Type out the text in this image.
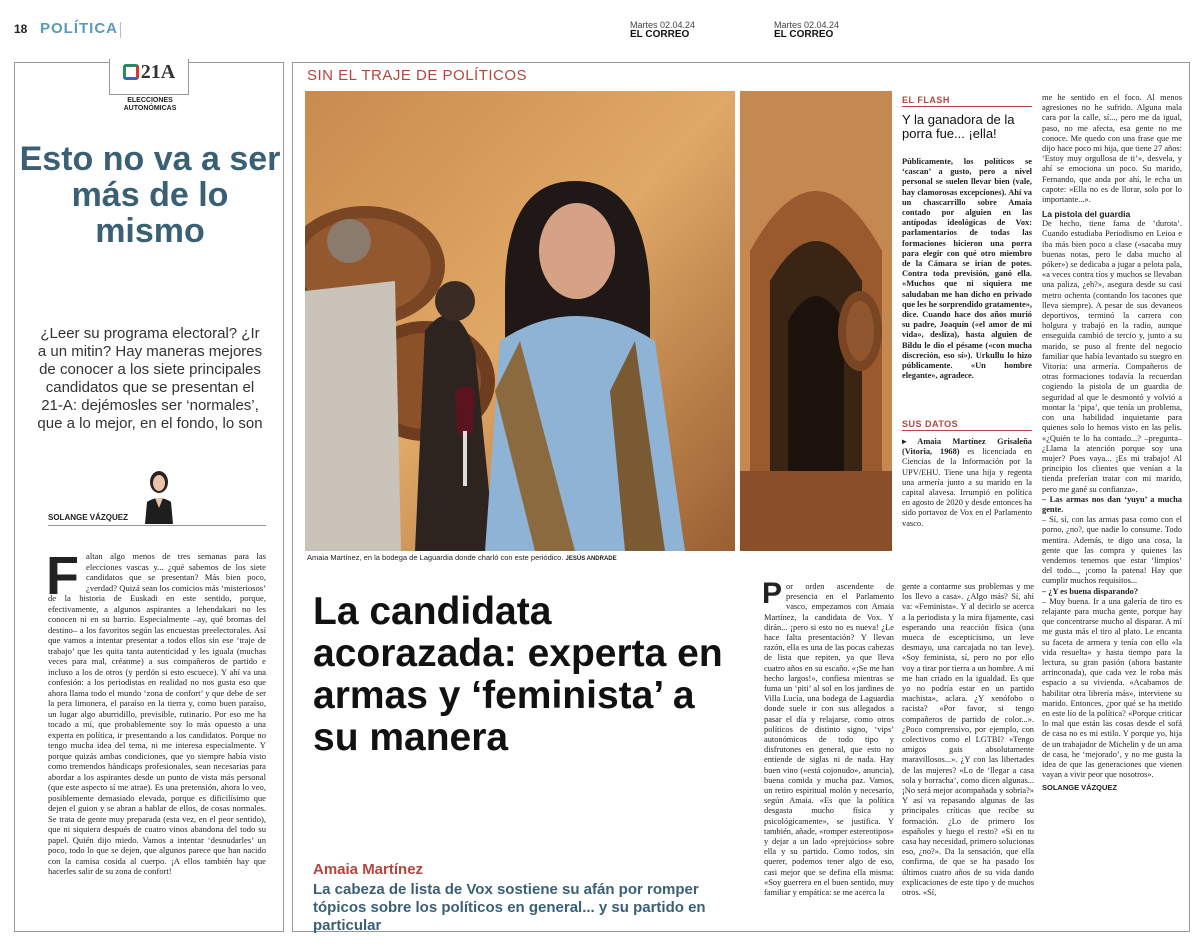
18 POLÍTICA	Martes 02.04.24
EL CORREO
Martes 02.04.24
EL CORREO
21A
ELECCIONES
AUTONÓMICAS
Esto no va a ser más de lo mismo
¿Leer su programa electoral? ¿Ir a un mitin? Hay maneras mejores de conocer a los siete principales candidatos que se presentan el 21-A: dejémosles ser ‘normales’, que a lo mejor, en el fondo, lo son
SOLANGE VÁZQUEZ
F altan algo menos de tres semanas para las elecciones vascas y... ¿qué sabemos de los siete candidatos que se presentan? Más bien poco, ¿verdad? Quizá sean los comicios más ‘misteriosos’ de la historia de Euskadi en este sentido, porque, efectivamente, a algunos aspirantes a lehendakari no les conocen ni en su barrio. Especialmente –ay, qué bromas del destino– a los favoritos según las encuestas preelectorales. Así que vamos a intentar presentar a todos ellos sin ese ‘traje de trabajo’ que les quita tanta autenticidad y les iguala (muchas veces para mal, créanme) a sus compañeros de partido e incluso a los de otros (y perdón si esto escuece). Y ahí va una confesión: a los periodistas en realidad no nos gusta eso que ahora llama todo el mundo ‘zona de confort’ y que debe de ser la pera limonera, el paraíso en la tierra y, como buen paraíso, un lugar algo aburridillo, previsible, rutinario. Por eso me ha tocado a mí, que probablemente soy lo más opuesto a una experta en política, ir presentando a los candidatos. Porque no tengo mucha idea del tema, ni me interesa especialmente. Y porque quizás ambas condiciones, que yo siempre había visto como tremendos hándicaps profesionales, sean necesarias para abordar a los aspirantes desde un punto de vista más personal (que este aspecto sí me atrae). Es una pretensión, ahora lo veo, posiblemente demasiado elevada, porque es dificilísimo que dejen el guion y se abran a hablar de ellos, de cosas normales. Se trata de gente muy preparada (esta vez, en el peor sentido), que ni siquiera después de cuatro vinos abandona del todo su papel. Quién dijo miedo. Vamos a intentar ‘desnudarles’ un poco, todo lo que se dejen, que algunos parece que han nacido con la camisa cosida al cuerpo. ¡A ellos también hay que hacerles salir de su zona de confort!
SIN EL TRAJE DE POLÍTICOS
Amaia Martínez, en la bodega de Laguardia donde charló con este periódico. JESÚS ANDRADE
La candidata acorazada: experta en armas y ‘feminista’ a su manera
Amaia Martínez
La cabeza de lista de Vox sostiene su afán por romper tópicos sobre los políticos en general... y su partido en particular
EL FLASH
Y la ganadora de la porra fue... ¡ella!
Públicamente, los políticos se ‘cascan’ a gusto, pero a nivel personal se suelen llevar bien (vale, hay clamorosas excepciones). Ahí va un chascarrillo sobre Amaia contado por alguien en las antípodas ideológicas de Vox: parlamentarios de todas las formaciones hicieron una porra para elegir con qué otro miembro de la Cámara se irían de potes. Contra toda previsión, ganó ella. «Muchos que ni siquiera me saludaban me han dicho en privado que les he sorprendido gratamente», dice. Cuando hace dos años murió su padre, Joaquín («el amor de mi vida», desliza), hasta alguien de Bildu le dio el pésame («con mucha discreción, eso sí»). Urkullu lo hizo públicamente. «Un hombre elegante», agradece.
SUS DATOS
▸ Amaia Martínez Grisaleña (Vitoria, 1968) es licenciada en Ciencias de la Información por la UPV/EHU. Tiene una hija y regenta una armería junto a su marido en la capital alavesa. Irrumpió en política en agosto de 2020 y desde entonces ha sido portavoz de Vox en el Parlamento vasco.

me he sentido en el foco. Al menos agresiones no he sufrido. Alguna mala cara por la calle, sí..., pero me da igual, paso, no me afecta, esa gente no me conoce. Me quedo con una frase que me dijo hace poco mi hija, que tiene 27 años: ‘Estoy muy orgullosa de ti’», desvela, y ahí se emociona un poco. Su marido, Fernando, que anda por ahí, le echa un capote: «Ella no es de llorar, solo por lo importante...».

La pistola del guardia

De hecho, tiene fama de ‘durota’. Cuando estudiaba Periodismo en Leioa e iba más bien poco a clase («sacaba muy buenas notas, pero le daba mucho al póker») se dedicaba a jugar a pelota pala, «a veces contra tíos y muchos se llevaban una paliza, ¿eh?», asegura desde su casi metro ochenta (contando los tacones que lleva siempre). A pesar de sus devaneos deportivos, terminó la carrera con holgura y trabajó en la radio, aunque enseguida cambió de tercio y, junto a su marido, se puso al frente del negocio familiar que había levantado su suegro en Vitoria: una armería. Compañeros de otras formaciones todavía la recuerdan cogiendo la pistola de un guardia de seguridad al que le desmontó y volvió a montar la ‘pipa’, que tenía un problema, con una habilidad inquietante para quienes solo lo hemos visto en las pelis. «¿Quién te lo ha contado...? –pregunta– ¿Llama la atención porque soy una mujer? Pues vaya... ¡Es mi trabajo! Al principio los clientes que venían a la tienda preferían tratar con mi marido, pero me gané su confianza».

– Las armas nos dan ‘yuyu’ a mucha gente.

– Sí, sí, con las armas pasa como con el porno, ¿no?, que nadie lo consume. Todo mentira. Además, te digo una cosa, la gente que las compra y quienes las vendemos tenemos que estar ‘limpios’ del todo..., ¡como la patena! Hay que cumplir muchos requisitos...

– ¿Y es buena disparando?

– Muy buena. Ir a una galería de tiro es relajante para mucha gente, porque hay que concentrarse mucho al disparar. A mí me gusta más el tiro al plato. Le encanta su faceta de armera y tenía con ello «la vida resuelta» y hasta tiempo para la lectura, su gran pasión (ahora bastante arrinconada), que cada vez le roba más espacio a su vivienda. «Acabamos de habilitar otra librería más», interviene su marido. Entonces, ¿por qué se ha metido en este lío de la política? «Porque criticar lo mal que están las cosas desde el sofá de casa no es mi estilo. Y porque yo, hija de un trabajador de Michelin y de un ama de casa, he ‘mejorado’, y no me gusta la idea de que las generaciones que vienen vayan a vivir peor que nosotros».

SOLANGE VÁZQUEZ

P or orden ascendente de presencia en el Parlamento vasco, empezamos con Amaia Martínez, la candidata de Vox. Y dirán... ¡pero si esto no es nueva! ¿Le hace falta presentación? Y llevan razón, ella es una de las pocas cabezas de lista que repiten, ya que lleva cuatro años en su escaño. «¡Se me han hecho largos!», confiesa mientras se fuma un ‘piti’ al sol en los jardines de Villa Lucía, una bodega de Laguardia donde suele ir con sus allegados a pasar el día y relajarse, como otros políticos de distinto signo, ‘vips’ autonómicos de todo tipo y disfrutones en general, que esto no entiende de siglas ni de nada. Hay buen vino («está cojonudo», anuncia), buena comida y mucha paz. Vamos, un retiro espiritual molón y necesario, según Amaia. «Es que la política desgasta mucho física y psicológicamente», se justifica. Y también, añade, «romper estereotipos» y dejar a un lado «prejuicios» sobre ella y su partido. Como todos, sin querer, podemos tener algo de eso, casi mejor que se defina ella misma: «Soy guerrera en el buen sentido, muy familiar y empática: se me acerca la
gente a contarme sus problemas y me los llevo a casa». ¿Algo más? Sí, ahí va: «Feminista». Y al decirlo se acerca a la periodista y la mira fijamente, casi esperando una reacción física (una mueca de escepticismo, un leve desmayo, una carcajada no tan leve). «Soy feminista, sí, pero no por ello voy a tirar por tierra a un hombre. A mí me han criado en la igualdad. Es que yo no podría estar en un partido machista», aclara. ¿Y xenófobo o racista? «Por favor, si tengo compañeros de partido de color...». ¿Poco comprensivo, por ejemplo, con colectivos como el LGTBI? «Tengo amigos gais absolutamente maravillosos...». ¿Y con las libertades de las mujeres? «Lo de ‘llegar a casa sola y borracha’, como dicen algunas... ¡No será mejor acompañada y sobria?» Y así va repasando algunas de las principales críticas que recibe su formación. ¿Lo de primero los españoles y luego el resto? «Si en tu casa hay necesidad, primero solucionas eso, ¿no?». Da la sensación, que ella confirma, de que se ha pasado los últimos cuatro años de su vida dando explicaciones de este tipo y de muchos otros. «Sí,
